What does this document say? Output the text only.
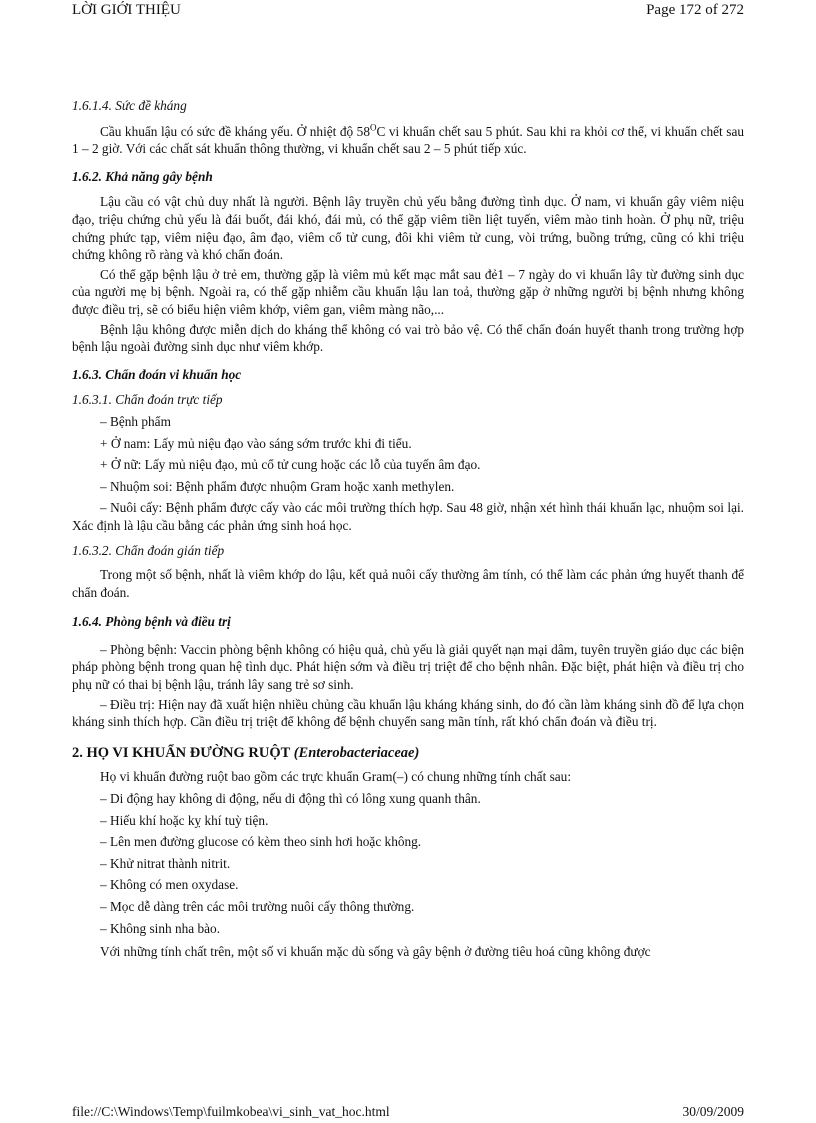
LỜI GIỚI THIỆU	Page 172 of 272

1.6.1.4. Sức đề kháng

Cầu khuẩn lậu có sức đề kháng yếu. Ở nhiệt độ $58^OC$ vi khuẩn chết sau 5 phút. Sau khi ra khỏi cơ thể, vi khuẩn chết sau 1 – 2 giờ. Với các chất sát khuẩn thông thường, vi khuẩn chết sau 2 – 5 phút tiếp xúc.

1.6.2. Khả năng gây bệnh

Lậu cầu có vật chủ duy nhất là người. Bệnh lây truyền chủ yếu bằng đường tình dục. Ở nam, vi khuẩn gây viêm niệu đạo, triệu chứng chủ yếu là đái buốt, đái khó, đái mủ, có thể gặp viêm tiền liệt tuyến, viêm mào tinh hoàn. Ở phụ nữ, triệu chứng phức tạp, viêm niệu đạo, âm đạo, viêm cổ tử cung, đôi khi viêm tử cung, vòi trứng, buồng trứng, cũng có khi triệu chứng không rõ ràng và khó chẩn đoán.

Có thể gặp bệnh lậu ở trẻ em, thường gặp là viêm mủ kết mạc mắt sau đẻ1 – 7 ngày do vi khuẩn lây từ đường sinh dục của người mẹ bị bệnh. Ngoài ra, có thể gặp nhiễm cầu khuẩn lậu lan toả, thường gặp ở những người bị bệnh nhưng không được điều trị, sẽ có biểu hiện viêm khớp, viêm gan, viêm màng não,...

Bệnh lậu không được miễn dịch do kháng thể không có vai trò bảo vệ. Có thể chẩn đoán huyết thanh trong trường hợp bệnh lậu ngoài đường sinh dục như viêm khớp.

1.6.3. Chẩn đoán vi khuẩn học

1.6.3.1. Chẩn đoán trực tiếp

– Bệnh phẩm

+ Ở nam: Lấy mủ niệu đạo vào sáng sớm trước khi đi tiểu.

+ Ở nữ: Lấy mủ niệu đạo, mủ cổ tử cung hoặc các lỗ của tuyến âm đạo.

– Nhuộm soi: Bệnh phẩm được nhuộm Gram hoặc xanh methylen.

– Nuôi cấy: Bệnh phẩm được cấy vào các môi trường thích hợp. Sau 48 giờ, nhận xét hình thái khuẩn lạc, nhuộm soi lại. Xác định là lậu cầu bằng các phản ứng sinh hoá học.

1.6.3.2. Chẩn đoán gián tiếp

Trong một số bệnh, nhất là viêm khớp do lậu, kết quả nuôi cấy thường âm tính, có thể làm các phản ứng huyết thanh để chẩn đoán.

1.6.4. Phòng bệnh và điều trị

– Phòng bệnh: Vaccin phòng bệnh không có hiệu quả, chủ yếu là giải quyết nạn mại dâm, tuyên truyền giáo dục các biện pháp phòng bệnh trong quan hệ tình dục. Phát hiện sớm và điều trị triệt để cho bệnh nhân. Đặc biệt, phát hiện và điều trị cho phụ nữ có thai bị bệnh lậu, tránh lây sang trẻ sơ sinh.

– Điều trị: Hiện nay đã xuất hiện nhiều chủng cầu khuẩn lậu kháng kháng sinh, do đó cần làm kháng sinh đồ để lựa chọn kháng sinh thích hợp. Cần điều trị triệt để không để bệnh chuyển sang mãn tính, rất khó chẩn đoán và điều trị.

2. HỌ VI KHUẨN ĐƯỜNG RUỘT (Enterobacteriaceae)

Họ vi khuẩn đường ruột bao gồm các trực khuẩn Gram(–) có chung những tính chất sau:

– Di động hay không di động, nếu di động thì có lông xung quanh thân.

– Hiếu khí hoặc kỵ khí tuỳ tiện.

– Lên men đường glucose có kèm theo sinh hơi hoặc không.

– Khử nitrat thành nitrit.

– Không có men oxydase.

– Mọc dễ dàng trên các môi trường nuôi cấy thông thường.

– Không sinh nha bào.

Với những tính chất trên, một số vi khuẩn mặc dù sống và gây bệnh ở đường tiêu hoá cũng không được

file://C:\Windows\Temp\fuilmkobea\vi_sinh_vat_hoc.html	30/09/2009
